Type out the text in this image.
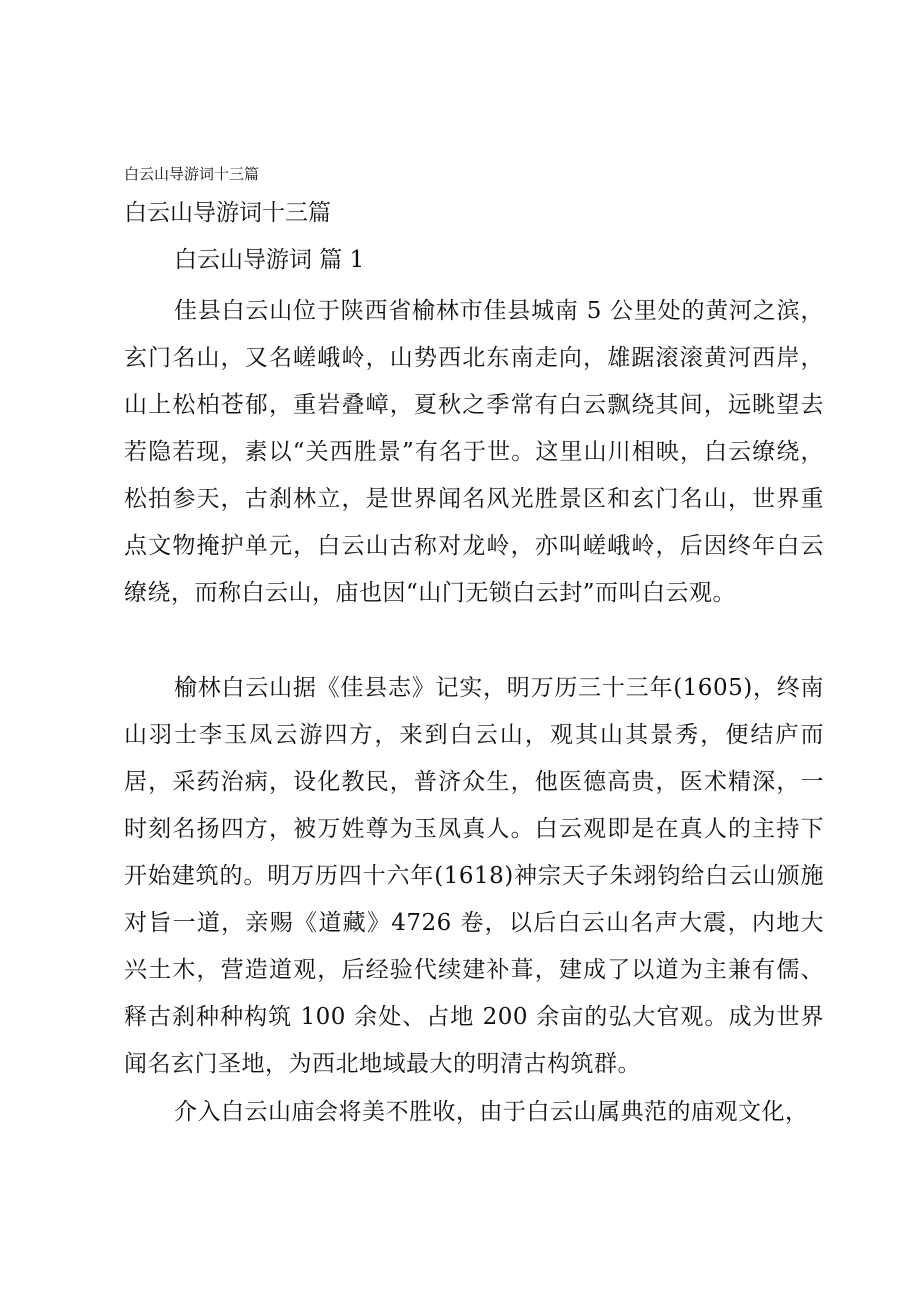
白云山导游词十三篇
白云山导游词十三篇
白云山导游词 篇 1

佳县白云山位于陕西省榆林市佳县城南 5 公里处的黄河之滨，玄门名山，又名嵯峨岭，山势西北东南走向，雄踞滚滚黄河西岸，山上松柏苍郁，重岩叠嶂，夏秋之季常有白云飘绕其间，远眺望去若隐若现，素以“关西胜景”有名于世。这里山川相映，白云缭绕，松拍参天，古刹林立，是世界闻名风光胜景区和玄门名山，世界重点文物掩护单元，白云山古称对龙岭，亦叫嵯峨岭，后因终年白云缭绕，而称白云山，庙也因“山门无锁白云封”而叫白云观。

榆林白云山据《佳县志》记实，明万历三十三年(1605)，终南山羽士李玉凤云游四方，来到白云山，观其山其景秀，便结庐而居，采药治病，设化教民，普济众生，他医德高贵，医术精深，一时刻名扬四方，被万姓尊为玉凤真人。白云观即是在真人的主持下开始建筑的。明万历四十六年(1618)神宗天子朱翊钧给白云山颁施对旨一道，亲赐《道藏》4726 卷，以后白云山名声大震，内地大兴土木，营造道观，后经验代续建补葺，建成了以道为主兼有儒、释古刹种种构筑 100 余处、占地 200 余亩的弘大官观。成为世界闻名玄门圣地，为西北地域最大的明清古构筑群。

介入白云山庙会将美不胜收，由于白云山属典范的庙观文化，
